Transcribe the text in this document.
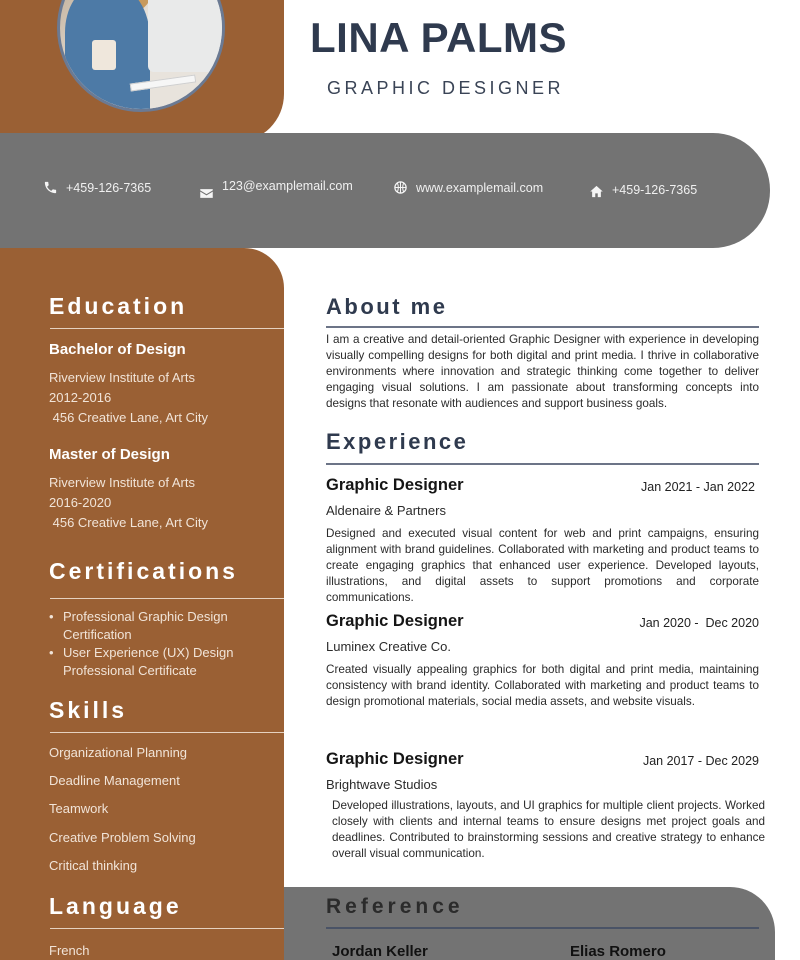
LINA PALMS
GRAPHIC DESIGNER
+459-126-7365	123@examplemail.com	www.examplemail.com	+459-126-7365
Education
Bachelor of Design
Riverview Institute of Arts
2012-2016
456 Creative Lane, Art City
Master of Design
Riverview Institute of Arts
2016-2020
456 Creative Lane, Art City
Certifications
• Professional Graphic Design Certification
• User Experience (UX) Design Professional Certificate
Skills
Organizational Planning
Deadline Management
Teamwork
Creative Problem Solving
Critical thinking
Language
French
About me
I am a creative and detail-oriented Graphic Designer with experience in developing visually compelling designs for both digital and print media. I thrive in collaborative environments where innovation and strategic thinking come together to deliver engaging visual solutions. I am passionate about transforming concepts into designs that resonate with audiences and support business goals.
Experience
Graphic Designer	Jan 2021 - Jan 2022
Aldenaire & Partners
Designed and executed visual content for web and print campaigns, ensuring alignment with brand guidelines. Collaborated with marketing and product teams to create engaging graphics that enhanced user experience. Developed layouts, illustrations, and digital assets to support promotions and corporate communications.
Graphic Designer	Jan 2020 -  Dec 2020
Luminex Creative Co.
Created visually appealing graphics for both digital and print media, maintaining consistency with brand identity. Collaborated with marketing and product teams to design promotional materials, social media assets, and website visuals.
Graphic Designer	Jan 2017 - Dec 2029
Brightwave Studios
Developed illustrations, layouts, and UI graphics for multiple client projects. Worked closely with clients and internal teams to ensure designs met project goals and deadlines. Contributed to brainstorming sessions and creative strategy to enhance overall visual communication.
Reference
Jordan Keller	Elias Romero
